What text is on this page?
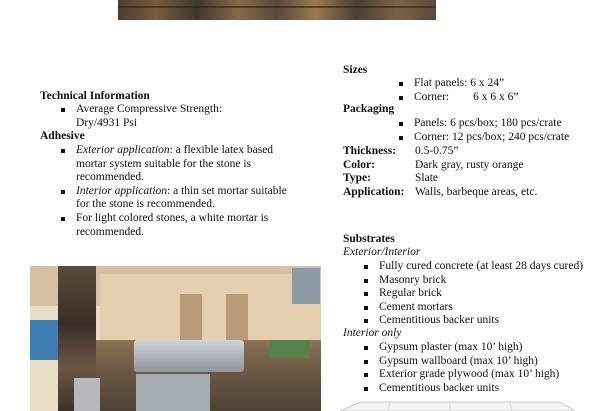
Technical Information
Average Compressive Strength: Dry/4931 Psi
Adhesive
Exterior application: a flexible latex based mortar system suitable for the stone is recommended.
Interior application: a thin set mortar suitable for the stone is recommended.
For light colored stones, a white mortar is recommended.
Sizes
Flat panels: 6 x 24”
Corner: 6 x 6 x 6”
Packaging
Panels: 6 pcs/box; 180 pcs/crate
Corner: 12 pcs/box; 240 pcs/crate
Thickness: 0.5-0.75”
Color:	Dark gray, rusty orange
Type:	Slate
Application: Walls, barbeque areas, etc.
Substrates
Exterior/Interior
Fully cured concrete (at least 28 days cured)
Masonry brick
Regular brick
Cement mortars
Cementitious backer units
Interior only
Gypsum plaster (max 10’ high)
Gypsum wallboard (max 10’ high)
Exterior grade plywood (max 10’ high)
Cementitious backer units
